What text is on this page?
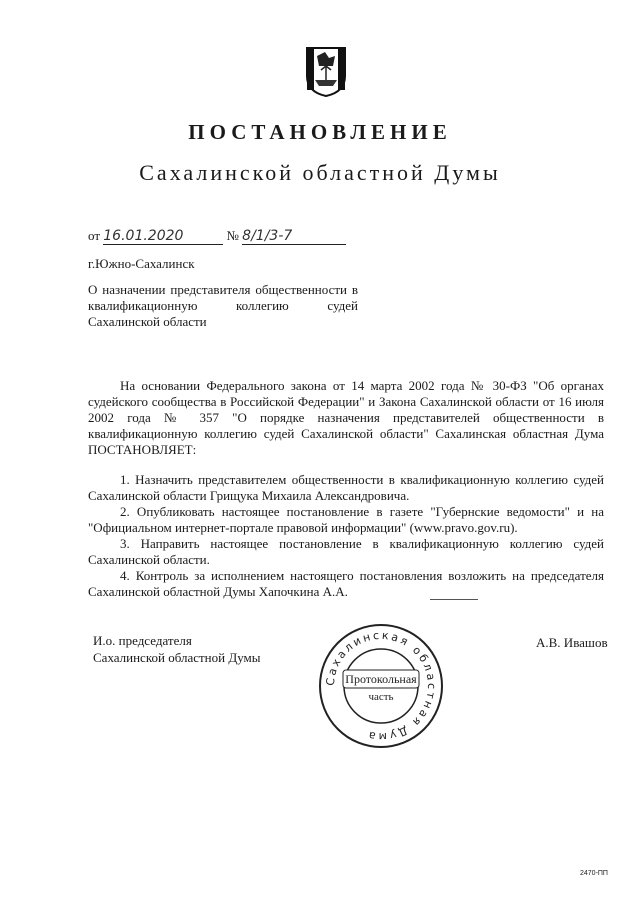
ПОСТАНОВЛЕНИЕ
Сахалинской областной Думы
от 16.01.2020	№ 8/1/3-7
г.Южно-Сахалинск
О назначении представителя общественности в квалификационную коллегию судей Сахалинской области

На основании Федерального закона от 14 марта 2002 года № 30-ФЗ "Об органах судейского сообщества в Российской Федерации" и Закона Сахалинской области от 16 июля 2002 года № 357 "О порядке назначения представителей общественности в квалификационную коллегию судей Сахалинской области" Сахалинская областная Дума ПОСТАНОВЛЯЕТ:

1. Назначить представителем общественности в квалификационную коллегию судей Сахалинской области Грищука Михаила Александровича.

2. Опубликовать настоящее постановление в газете "Губернские ведомости" и на "Официальном интернет-портале правовой информации" (www.pravo.gov.ru).

3. Направить настоящее постановление в квалификационную коллегию судей Сахалинской области.

4. Контроль за исполнением настоящего постановления возложить на председателя Сахалинской областной Думы Хапочкина А.А.

И.о. председателя
Сахалинской областной Думы
А.В. Ивашов
Сахалинская областная Дума
Протокольная
часть
2470-ПП
